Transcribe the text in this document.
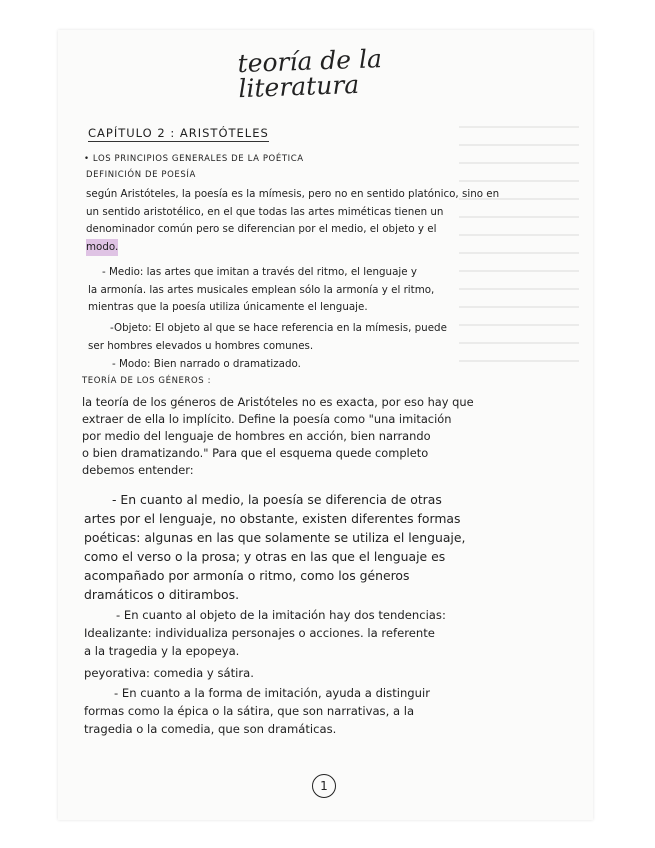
teoría de la
literatura
CAPÍTULO 2 : ARISTÓTELES
• LOS PRINCIPIOS GENERALES DE LA POÉTICA
DEFINICIÓN DE POESÍA
según Aristóteles, la poesía es la mímesis, pero no en sentido platónico, sino en
un sentido aristotélico, en el que todas las artes miméticas tienen un
denominador común pero se diferencian por el medio, el objeto y el
modo.
- Medio: las artes que imitan a través del ritmo, el lenguaje y
la armonía. las artes musicales emplean sólo la armonía y el ritmo,
mientras que la poesía utiliza únicamente el lenguaje.
-Objeto: El objeto al que se hace referencia en la mímesis, puede
ser hombres elevados u hombres comunes.
- Modo: Bien narrado o dramatizado.
TEORÍA DE LOS GÉNEROS :
la teoría de los géneros de Aristóteles no es exacta, por eso hay que
extraer de ella lo implícito. Define la poesía como "una imitación
por medio del lenguaje de hombres en acción, bien narrando
o bien dramatizando." Para que el esquema quede completo
debemos entender:
- En cuanto al medio, la poesía se diferencia de otras
artes por el lenguaje, no obstante, existen diferentes formas
poéticas: algunas en las que solamente se utiliza el lenguaje,
como el verso o la prosa; y otras en las que el lenguaje es
acompañado por armonía o ritmo, como los géneros
dramáticos o ditirambos.
- En cuanto al objeto de la imitación hay dos tendencias:
Idealizante: individualiza personajes o acciones. la referente
a la tragedia y la epopeya.
peyorativa: comedia y sátira.
- En cuanto a la forma de imitación, ayuda a distinguir
formas como la épica o la sátira, que son narrativas, a la
tragedia o la comedia, que son dramáticas.
1
